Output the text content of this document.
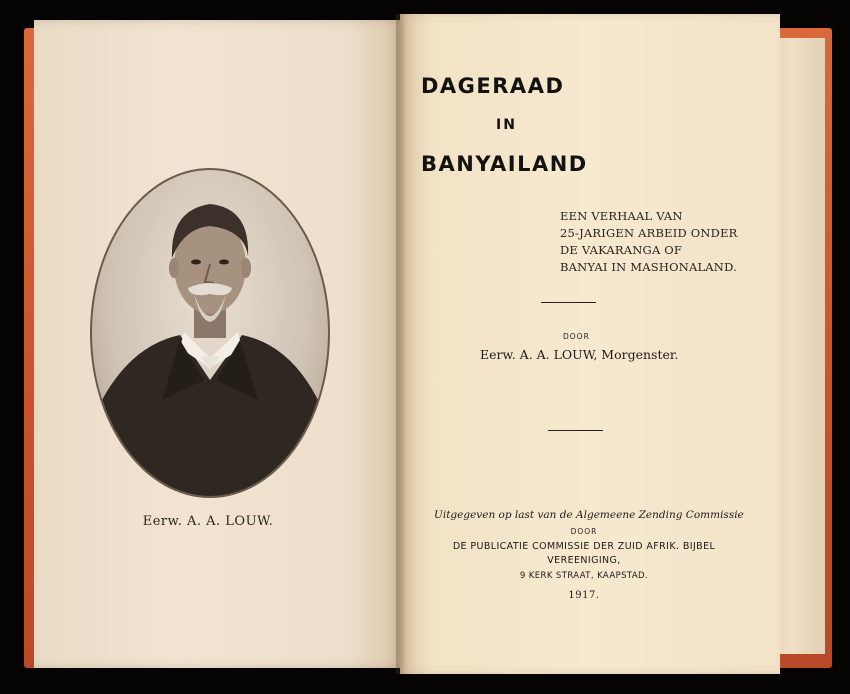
Eerw. A. A. LOUW.
DAGERAAD
IN
BANYAILAND
EEN VERHAAL VAN
25-JARIGEN ARBEID ONDER
DE VAKARANGA OF
BANYAI IN MASHONALAND.
DOOR
Eerw. A. A. LOUW, Morgenster.
Uitgegeven op last van de Algemeene Zending Commissie
DOOR
DE PUBLICATIE COMMISSIE DER ZUID AFRIK. BIJBEL
VEREENIGING,
9 KERK STRAAT, KAAPSTAD.
1917.
